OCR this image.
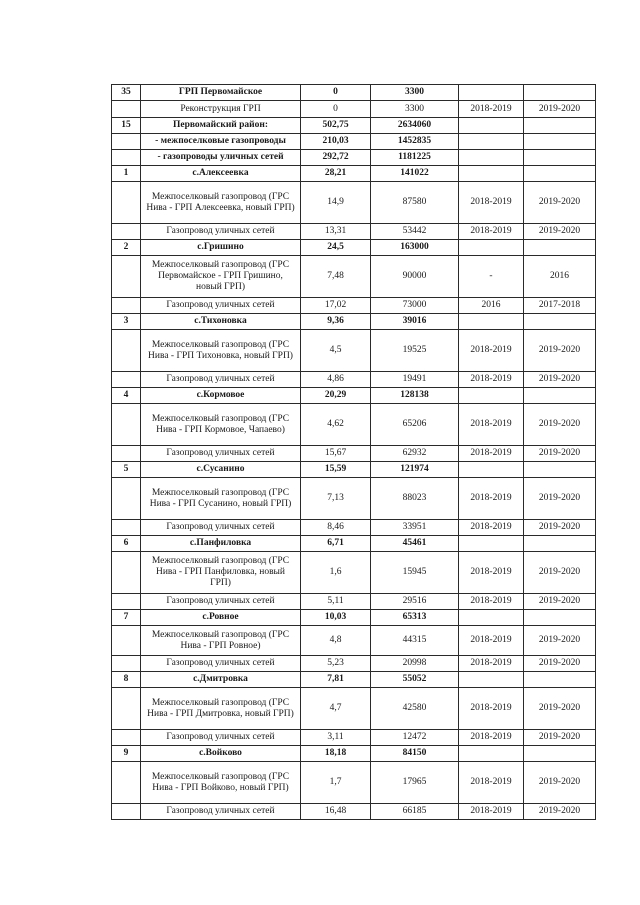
35	ГРП Первомайское	0	3300		
	Реконструкция ГРП	0	3300	2018-2019	2019-2020
15	Первомайский район:	502,75	2634060		
	- межпоселковые газопроводы	210,03	1452835		
	- газопроводы уличных сетей	292,72	1181225		
1	с.Алексеевка	28,21	141022		
	Межпоселковый газопровод (ГРС Нива - ГРП Алексеевка, новый ГРП)	14,9	87580	2018-2019	2019-2020
	Газопровод уличных сетей	13,31	53442	2018-2019	2019-2020
2	с.Гришино	24,5	163000		
	Межпоселковый газопровод (ГРС Первомайское - ГРП Гришино, новый ГРП)	7,48	90000	-	2016
	Газопровод уличных сетей	17,02	73000	2016	2017-2018
3	с.Тихоновка	9,36	39016		
	Межпоселковый газопровод (ГРС Нива - ГРП Тихоновка, новый ГРП)	4,5	19525	2018-2019	2019-2020
	Газопровод уличных сетей	4,86	19491	2018-2019	2019-2020
4	с.Кормовое	20,29	128138		
	Межпоселковый газопровод (ГРС Нива - ГРП Кормовое, Чапаево)	4,62	65206	2018-2019	2019-2020
	Газопровод уличных сетей	15,67	62932	2018-2019	2019-2020
5	с.Сусанино	15,59	121974		
	Межпоселковый газопровод (ГРС Нива - ГРП Сусанино, новый ГРП)	7,13	88023	2018-2019	2019-2020
	Газопровод уличных сетей	8,46	33951	2018-2019	2019-2020
6	с.Панфиловка	6,71	45461		
	Межпоселковый газопровод (ГРС Нива - ГРП Панфиловка, новый ГРП)	1,6	15945	2018-2019	2019-2020
	Газопровод уличных сетей	5,11	29516	2018-2019	2019-2020
7	с.Ровное	10,03	65313		
	Межпоселковый газопровод (ГРС Нива - ГРП Ровное)	4,8	44315	2018-2019	2019-2020
	Газопровод уличных сетей	5,23	20998	2018-2019	2019-2020
8	с.Дмитровка	7,81	55052		
	Межпоселковый газопровод (ГРС Нива - ГРП Дмитровка, новый ГРП)	4,7	42580	2018-2019	2019-2020
	Газопровод уличных сетей	3,11	12472	2018-2019	2019-2020
9	с.Войково	18,18	84150		
	Межпоселковый газопровод (ГРС Нива - ГРП Войково, новый ГРП)	1,7	17965	2018-2019	2019-2020
	Газопровод уличных сетей	16,48	66185	2018-2019	2019-2020
